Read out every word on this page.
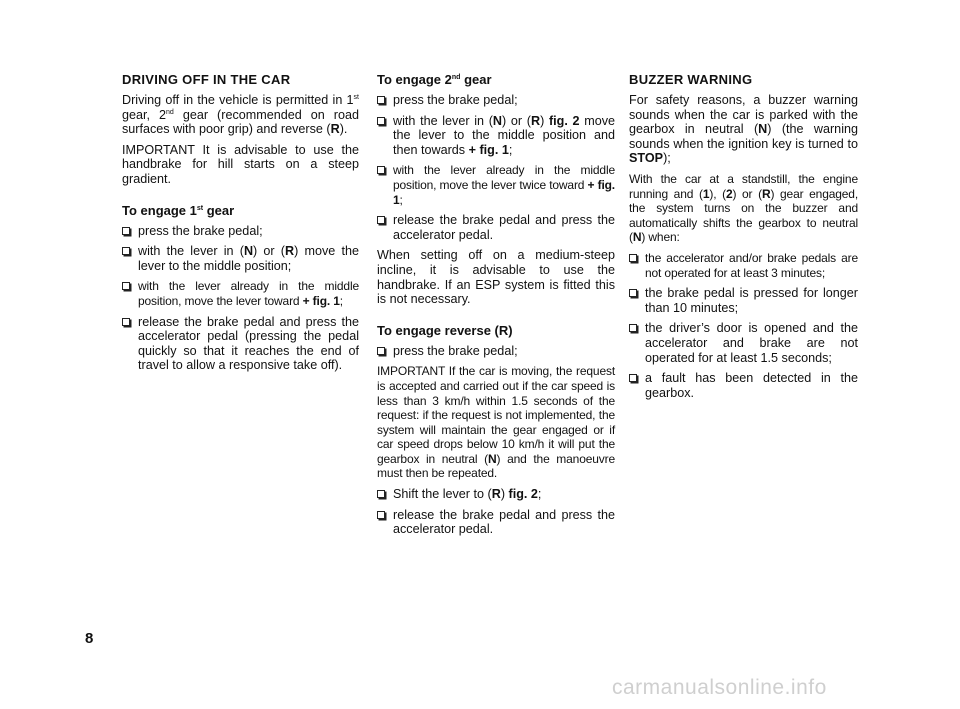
DRIVING OFF IN THE CAR

Driving off in the vehicle is permitted in 1st gear, 2nd gear (recommended on road surfaces with poor grip) and reverse (R).

IMPORTANT It is advisable to use the handbrake for hill starts on a steep gradient.

To engage 1st gear
press the brake pedal;
with the lever in (N) or (R) move the lever to the middle position;
with the lever already in the middle position, move the lever toward + fig. 1;
release the brake pedal and press the accelerator pedal (pressing the pedal quickly so that it reaches the end of travel to allow a responsive take off).
To engage 2nd gear
press the brake pedal;
with the lever in (N) or (R) fig. 2 move the lever to the middle position and then towards + fig. 1;
with the lever already in the middle position, move the lever twice toward + fig. 1;
release the brake pedal and press the accelerator pedal.

When setting off on a medium-steep incline, it is advisable to use the handbrake. If an ESP system is fitted this is not necessary.

To engage reverse (R)
press the brake pedal;

IMPORTANT If the car is moving, the request is accepted and carried out if the car speed is less than 3 km/h within 1.5 seconds of the request: if the request is not implemented, the system will maintain the gear engaged or if car speed drops below 10 km/h it will put the gearbox in neutral (N) and the manoeuvre must then be repeated.

Shift the lever to (R) fig. 2;
release the brake pedal and press the accelerator pedal.
BUZZER WARNING

For safety reasons, a buzzer warning sounds when the car is parked with the gearbox in neutral (N) (the warning sounds when the ignition key is turned to STOP);

With the car at a standstill, the engine running and (1), (2) or (R) gear engaged, the system turns on the buzzer and automatically shifts the gearbox to neutral (N) when:

the accelerator and/or brake pedals are not operated for at least 3 minutes;
the brake pedal is pressed for longer than 10 minutes;
the driver’s door is opened and the accelerator and brake are not operated for at least 1.5 seconds;
a fault has been detected in the gearbox.
8
carmanualsonline.info
